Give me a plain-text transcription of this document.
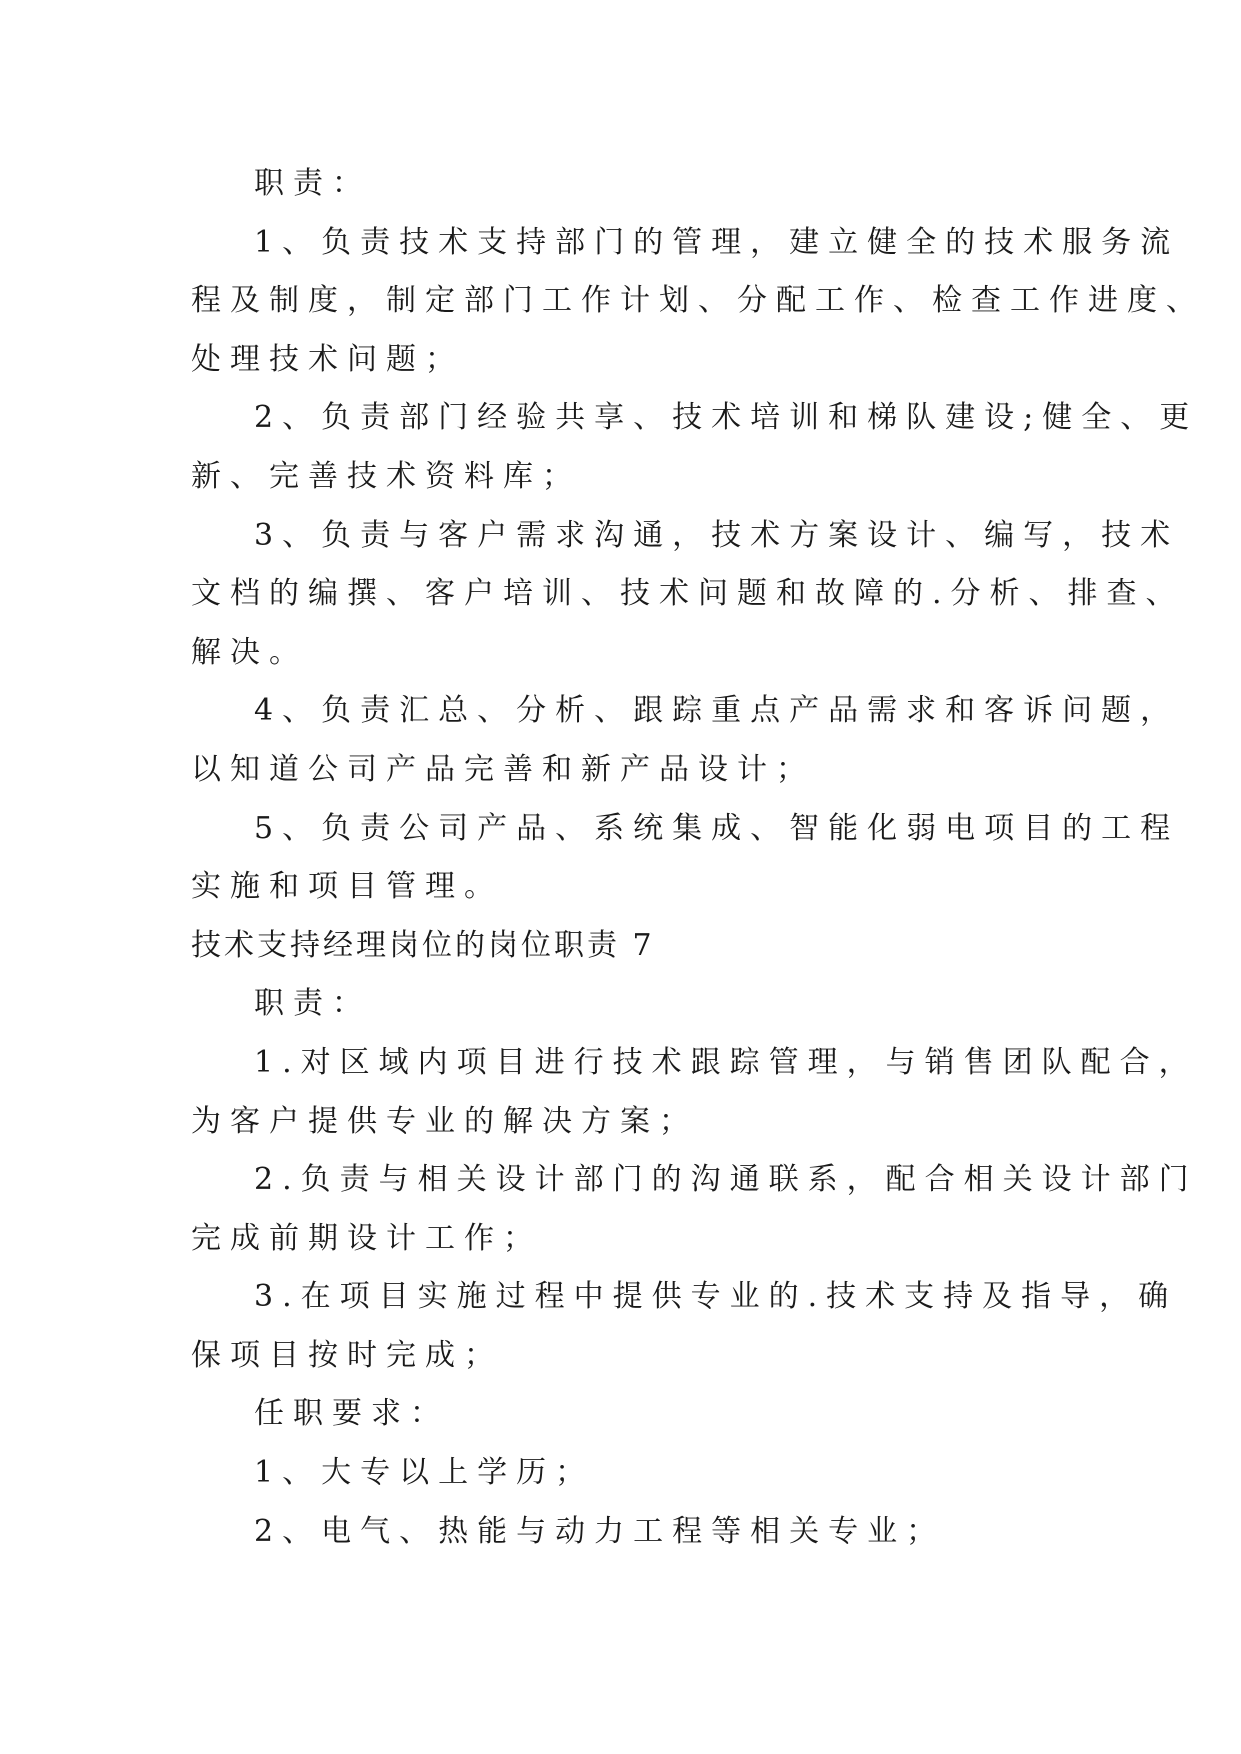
职责：
1、负责技术支持部门的管理，建立健全的技术服务流
程及制度，制定部门工作计划、分配工作、检查工作进度、
处理技术问题；
2、负责部门经验共享、技术培训和梯队建设;健全、更
新、完善技术资料库；
3、负责与客户需求沟通，技术方案设计、编写，技术
文档的编撰、客户培训、技术问题和故障的.分析、排查、
解决。
4、负责汇总、分析、跟踪重点产品需求和客诉问题，
以知道公司产品完善和新产品设计；
5、负责公司产品、系统集成、智能化弱电项目的工程
实施和项目管理。
技术支持经理岗位的岗位职责 7
职责：
1.对区域内项目进行技术跟踪管理，与销售团队配合，
为客户提供专业的解决方案；
2.负责与相关设计部门的沟通联系，配合相关设计部门
完成前期设计工作；
3.在项目实施过程中提供专业的.技术支持及指导，确
保项目按时完成；
任职要求：
1、大专以上学历；
2、电气、热能与动力工程等相关专业；
